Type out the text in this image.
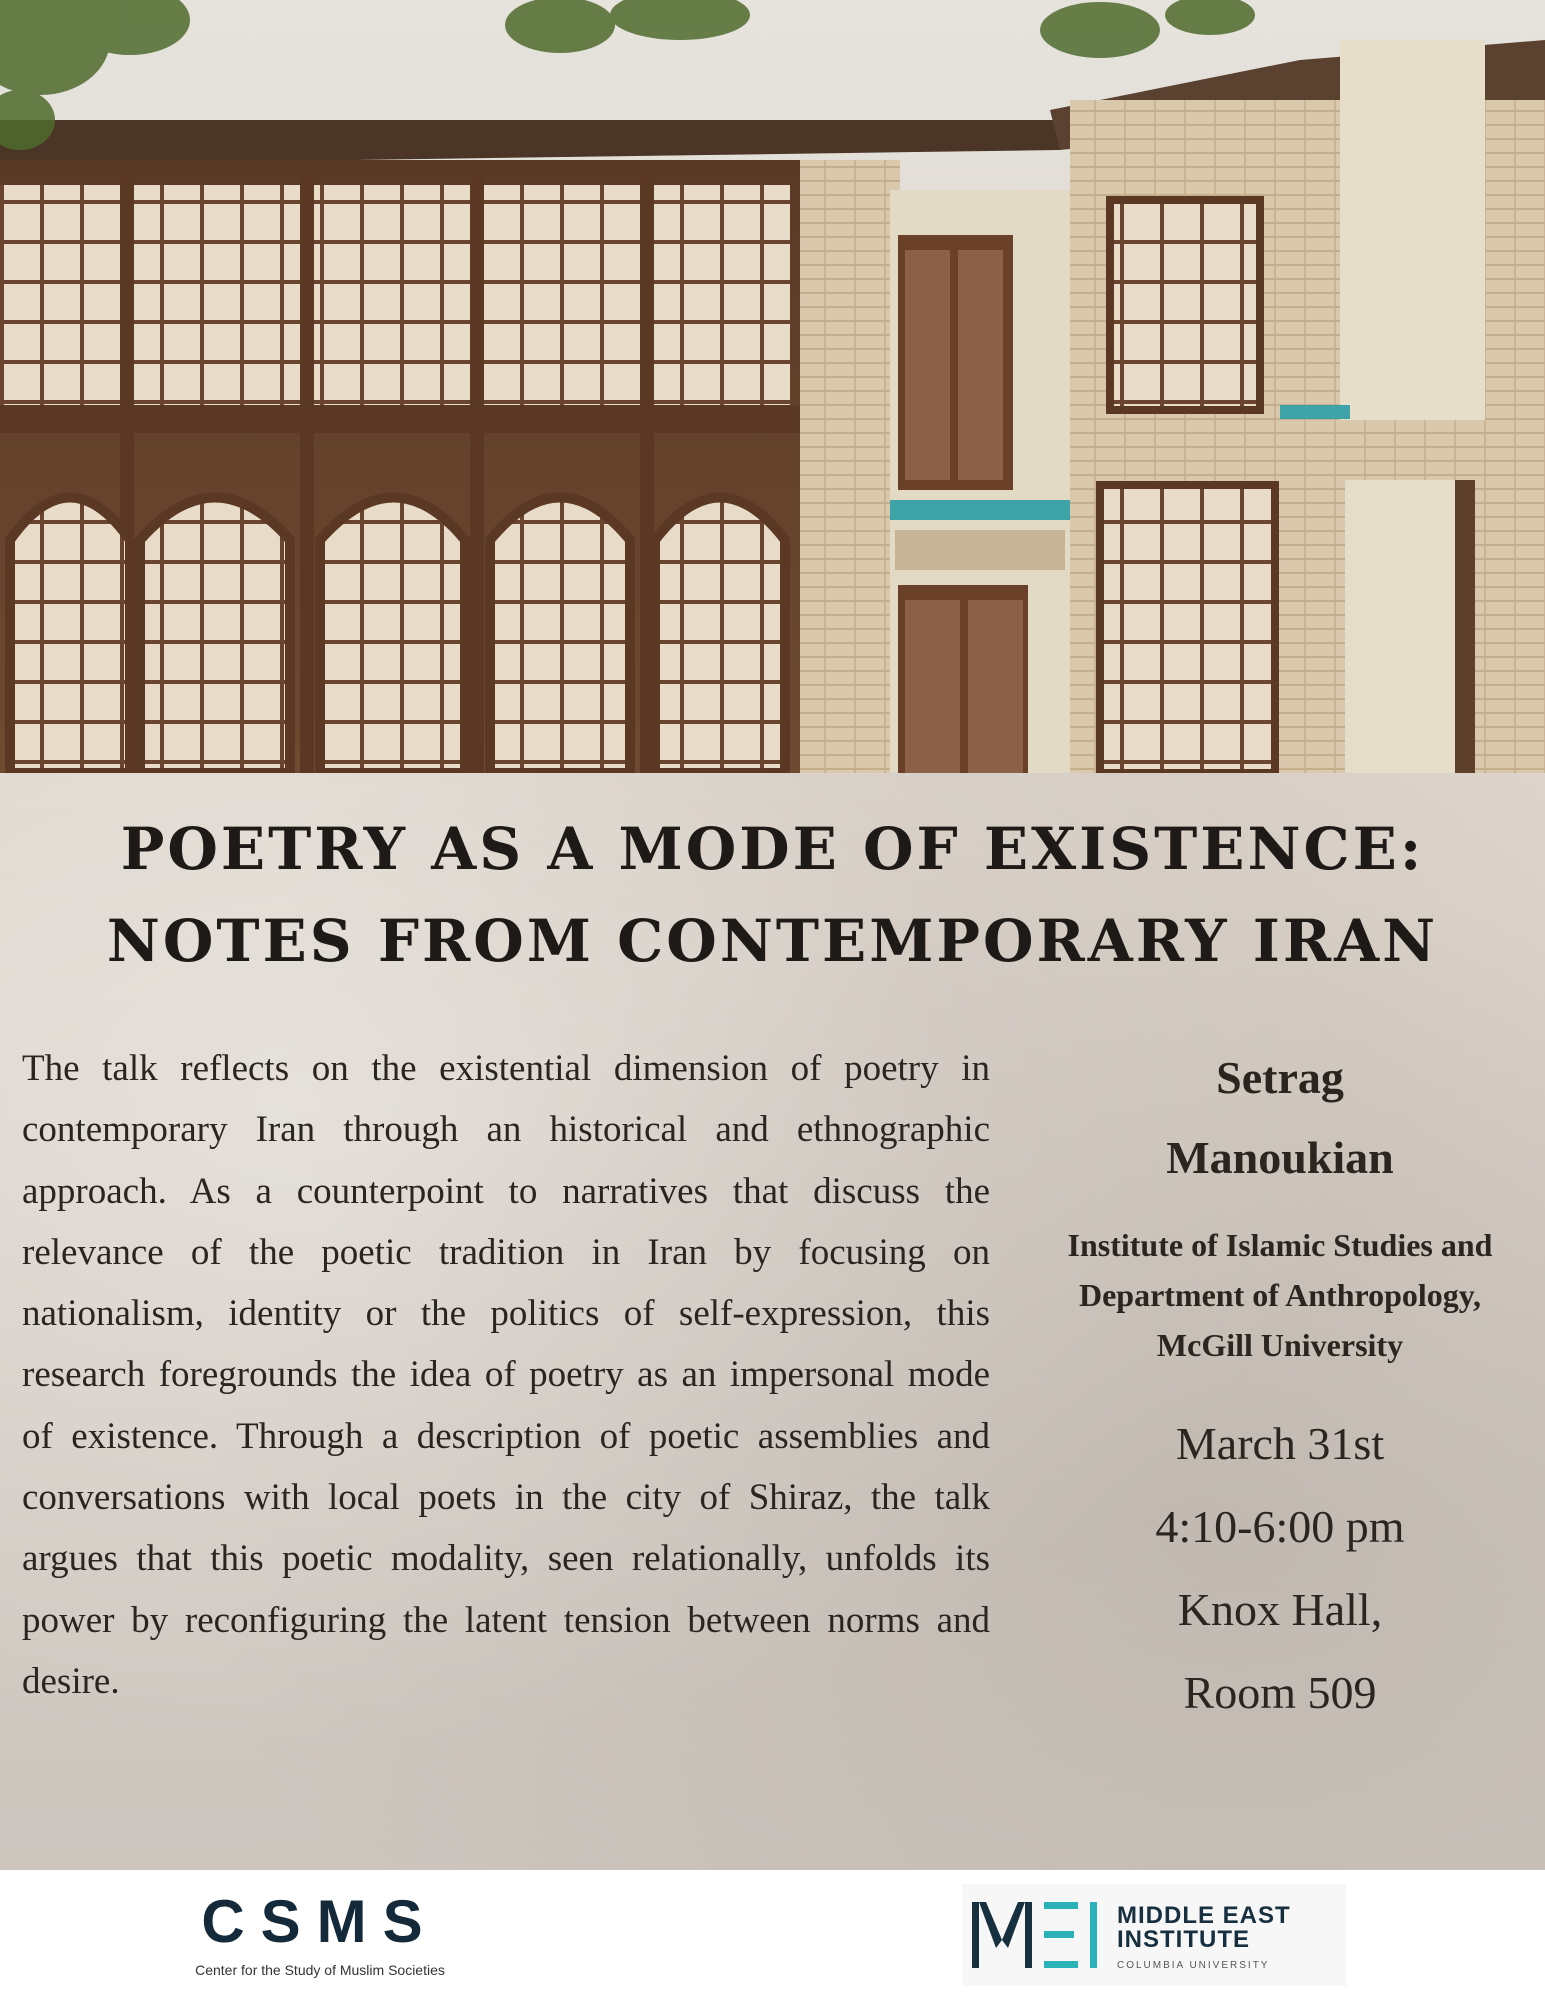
POETRY AS A MODE OF EXISTENCE:
NOTES FROM CONTEMPORARY IRAN
The talk reflects on the existential dimension of poetry in contemporary Iran through an historical and ethnographic approach. As a counterpoint to narratives that discuss the relevance of the poetic tradition in Iran by focusing on nationalism, identity or the politics of self-expression, this research foregrounds the idea of poetry as an impersonal mode of existence. Through a description of poetic assemblies and conversations with local poets in the city of Shiraz, the talk argues that this poetic modality, seen relationally, unfolds its power by reconfiguring the latent tension between norms and desire.
Setrag
Manoukian
Institute of Islamic Studies and Department of Anthropology, McGill University
March 31st
4:10-6:00 pm
Knox Hall,
Room 509
CSMS
Center for the Study of Muslim Societies
MIDDLE EAST
INSTITUTE
COLUMBIA UNIVERSITY
